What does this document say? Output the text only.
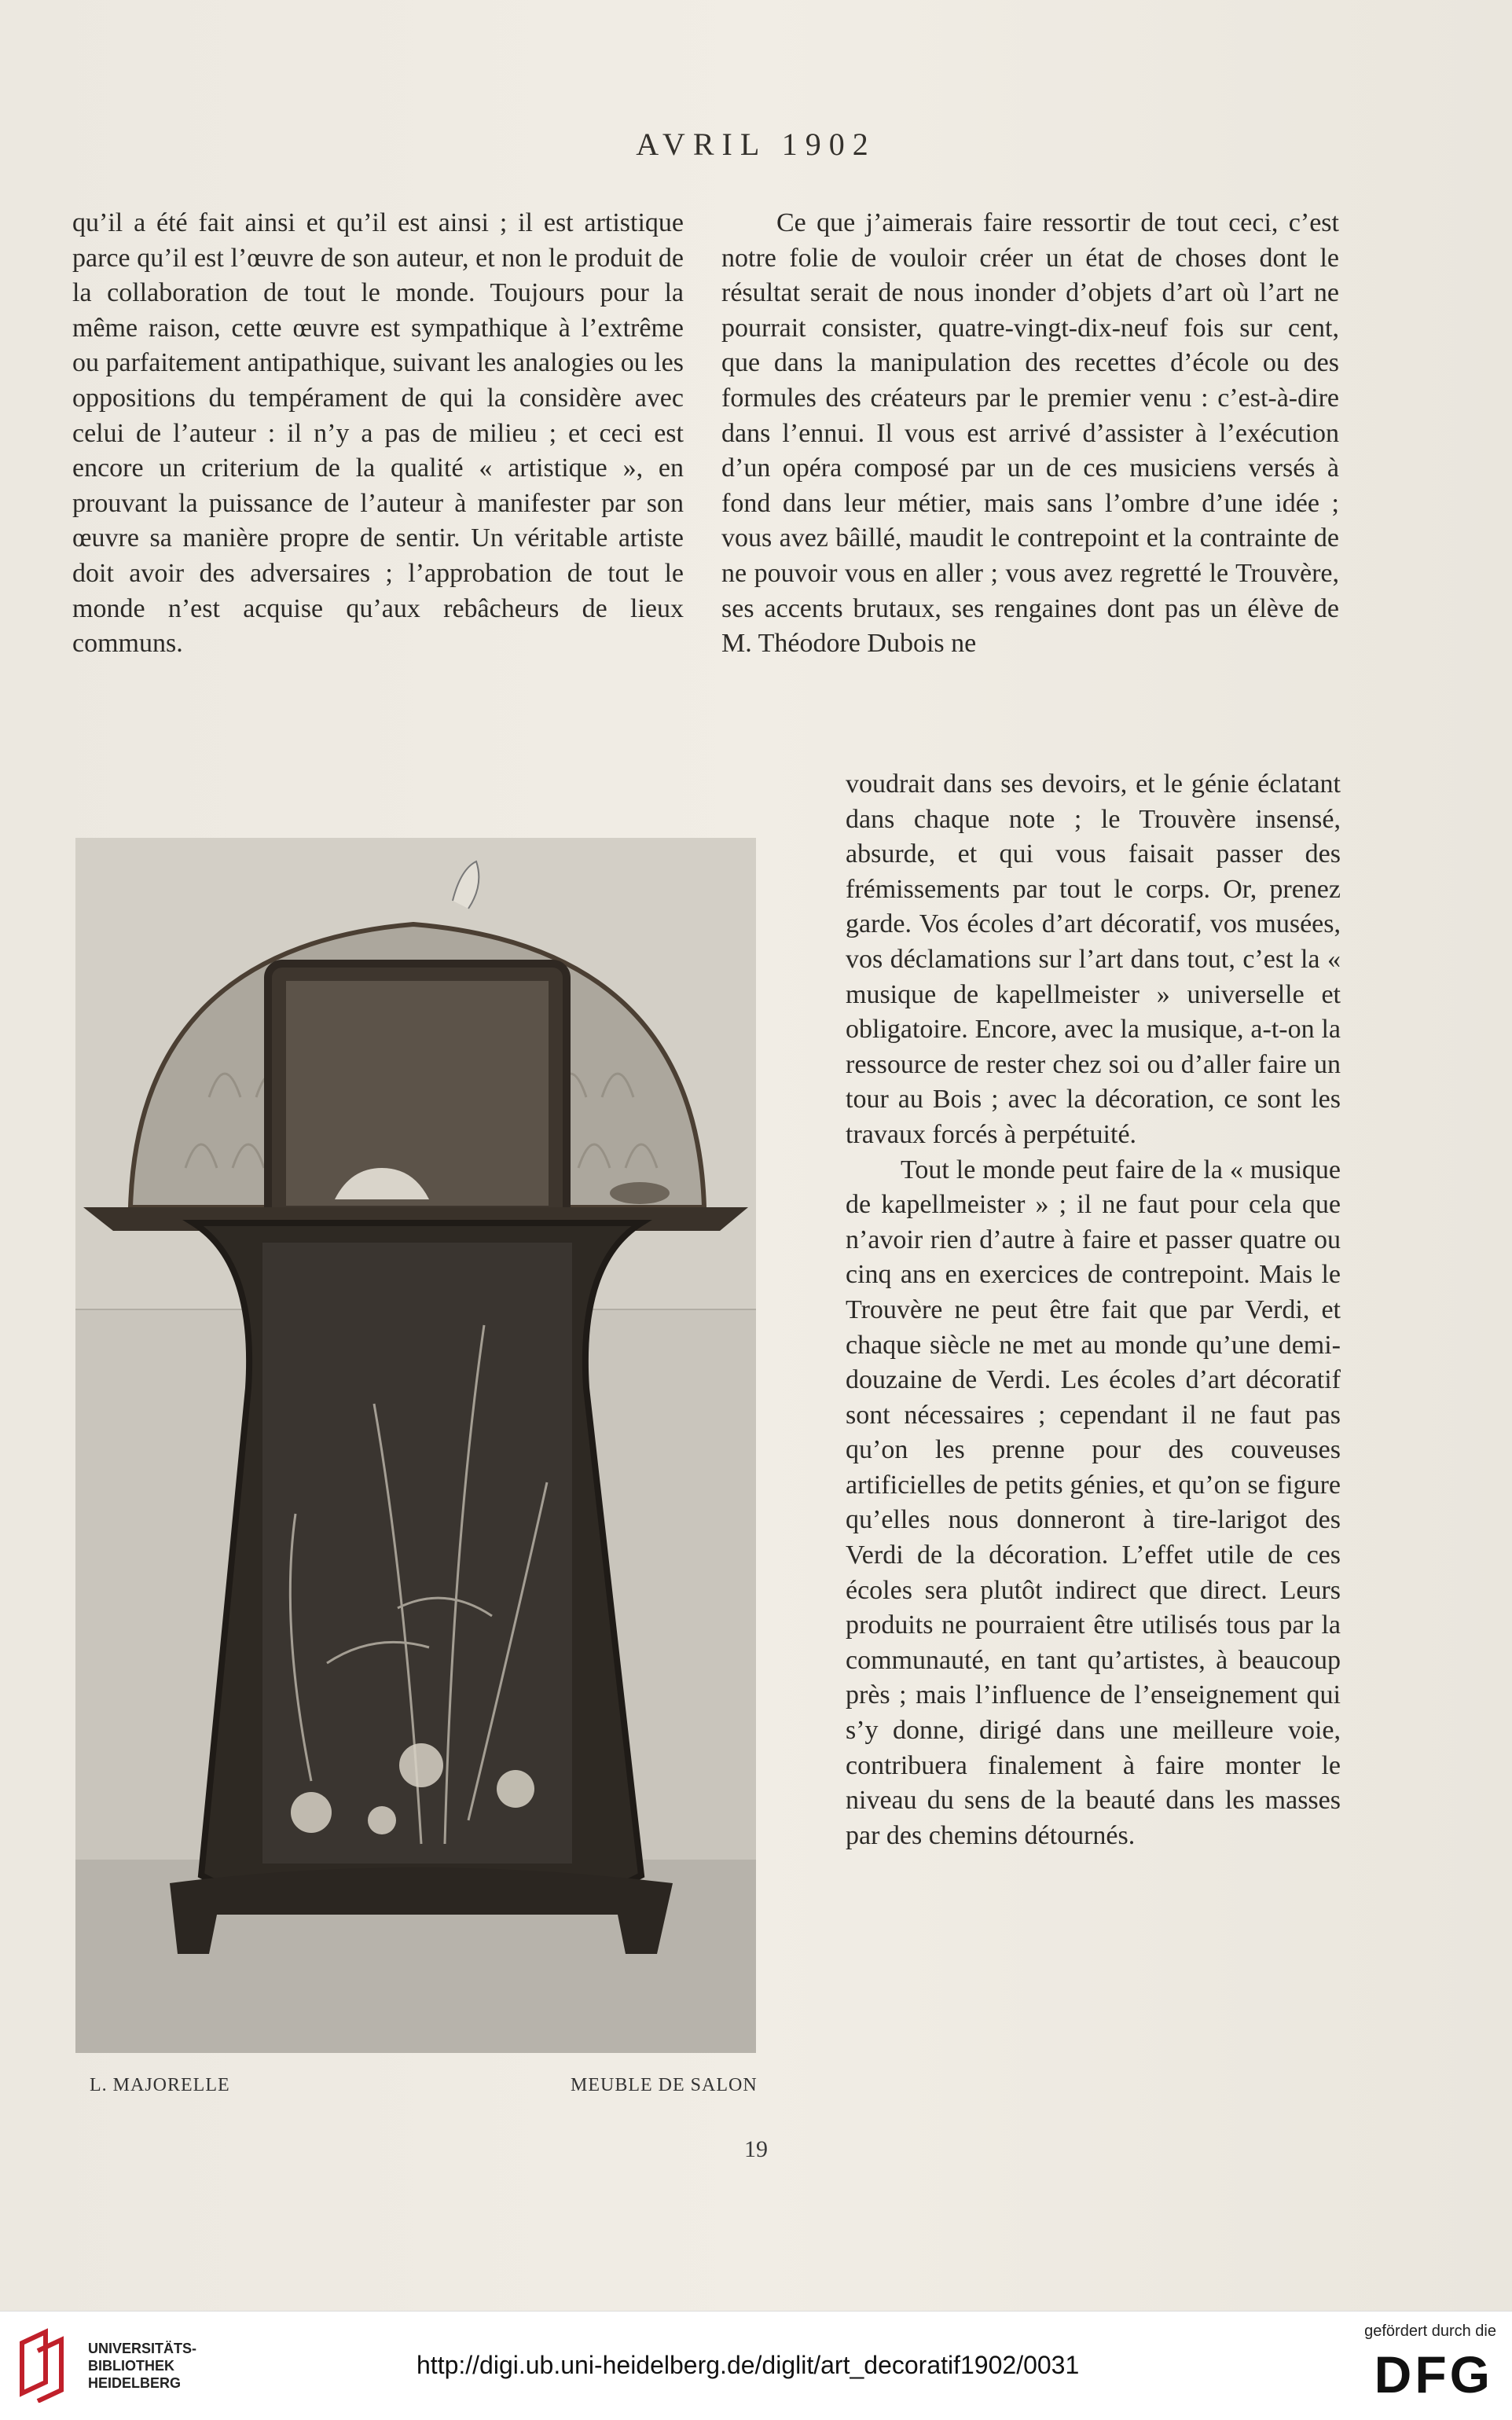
AVRIL 1902

qu’il a été fait ainsi et qu’il est ainsi ; il est artistique parce qu’il est l’œuvre de son auteur, et non le produit de la collaboration de tout le monde. Toujours pour la même raison, cette œuvre est sympathique à l’extrême ou parfaitement antipathique, suivant les analogies ou les oppositions du tempérament de qui la considère avec celui de l’auteur : il n’y a pas de milieu ; et ceci est encore un criterium de la qualité « artistique », en prouvant la puissance de l’auteur à manifester par son œuvre sa manière propre de sentir. Un véritable artiste doit avoir des adversaires ; l’approbation de tout le monde n’est acquise qu’aux rebâcheurs de lieux communs.

Ce que j’aimerais faire ressortir de tout ceci, c’est notre folie de vouloir créer un état de choses dont le résultat serait de nous inonder d’objets d’art où l’art ne pourrait consister, quatre-vingt-dix-neuf fois sur cent, que dans la manipulation des recettes d’école ou des formules des créateurs par le premier venu : c’est-à-dire dans l’ennui. Il vous est arrivé d’assister à l’exécution d’un opéra composé par un de ces musiciens versés à fond dans leur métier, mais sans l’ombre d’une idée ; vous avez bâillé, maudit le contrepoint et la contrainte de ne pouvoir vous en aller ; vous avez regretté le Trouvère, ses accents brutaux, ses rengaines dont pas un élève de M. Théodore Dubois ne

voudrait dans ses devoirs, et le génie éclatant dans chaque note ; le Trouvère insensé, absurde, et qui vous faisait passer des frémissements par tout le corps. Or, prenez garde. Vos écoles d’art décoratif, vos musées, vos déclamations sur l’art dans tout, c’est la « musique de kapellmeister » universelle et obligatoire. Encore, avec la musique, a-t-on la ressource de rester chez soi ou d’aller faire un tour au Bois ; avec la décoration, ce sont les travaux forcés à perpétuité.

Tout le monde peut faire de la « musique de kapellmeister » ; il ne faut pour cela que n’avoir rien d’autre à faire et passer quatre ou cinq ans en exercices de contrepoint. Mais le Trouvère ne peut être fait que par Verdi, et chaque siècle ne met au monde qu’une demi-douzaine de Verdi. Les écoles d’art décoratif sont nécessaires ; cependant il ne faut pas qu’on les prenne pour des couveuses artificielles de petits génies, et qu’on se figure qu’elles nous donneront à tire-larigot des Verdi de la décoration. L’effet utile de ces écoles sera plutôt indirect que direct. Leurs produits ne pourraient être utilisés tous par la communauté, en tant qu’artistes, à beaucoup près ; mais l’influence de l’enseignement qui s’y donne, dirigé dans une meilleure voie, contribuera finalement à faire monter le niveau du sens de la beauté dans les masses par des chemins détournés.

L. MAJORELLE	MEUBLE DE SALON
19
UNIVERSITÄTS-
BIBLIOTHEK
HEIDELBERG
http://digi.ub.uni-heidelberg.de/diglit/art_decoratif1902/0031
gefördert durch die
DFG
